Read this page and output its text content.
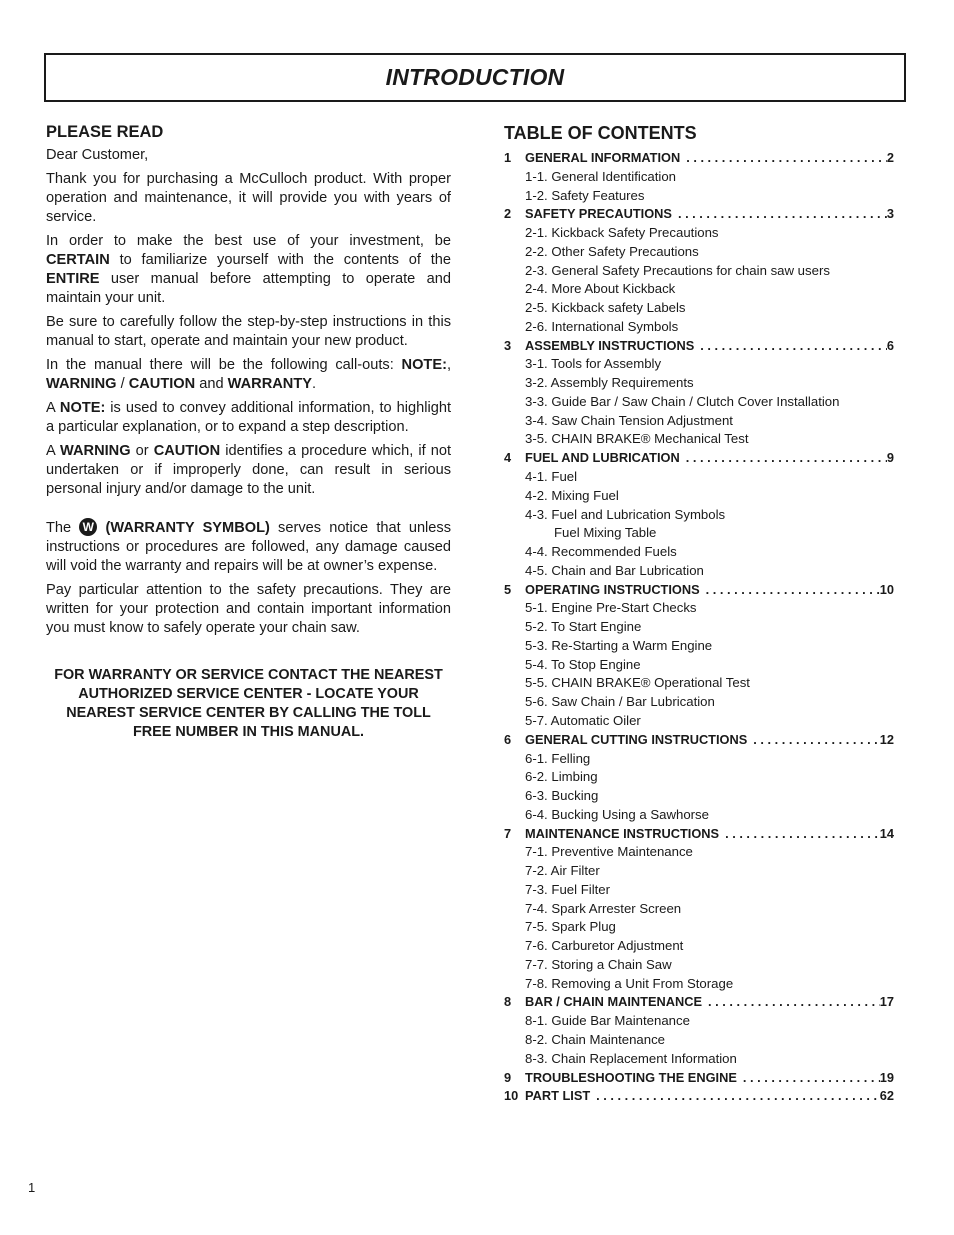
INTRODUCTION
PLEASE READ

Dear Customer,

Thank you for purchasing a McCulloch product. With proper operation and maintenance, it will provide you with years of service.

In order to make the best use of your investment, be CERTAIN to familiarize yourself with the contents of the ENTIRE user manual before attempting to operate and maintain your unit.

Be sure to carefully follow the step-by-step instructions in this manual to start, operate and maintain your new product.

In the manual there will be the following call-outs: NOTE:, WARNING / CAUTION and WARRANTY.

A NOTE: is used to convey additional information, to highlight a particular explanation, or to expand a step description.

A WARNING or CAUTION identifies a procedure which, if not undertaken or if improperly done, can result in serious personal injury and/or damage to the unit.

The W (WARRANTY SYMBOL) serves notice that unless instructions or procedures are followed, any damage caused will void the warranty and repairs will be at owner’s expense.

Pay particular attention to the safety precautions. They are written for your protection and contain important information you must know to safely operate your chain saw.

FOR WARRANTY OR SERVICE CONTACT THE NEAREST AUTHORIZED SERVICE CENTER - LOCATE YOUR NEAREST SERVICE CENTER BY CALLING THE TOLL FREE NUMBER IN THIS MANUAL.
TABLE OF CONTENTS
1 GENERAL INFORMATION . . .	2
1-1. General Identification
1-2. Safety Features
2 SAFETY PRECAUTIONS . . .	3
2-1. Kickback Safety Precautions
2-2. Other Safety Precautions
2-3. General Safety Precautions for chain saw users
2-4. More About Kickback
2-5. Kickback safety Labels
2-6. International Symbols
3 ASSEMBLY INSTRUCTIONS . . .	6
3-1. Tools for Assembly
3-2. Assembly Requirements
3-3. Guide Bar / Saw Chain / Clutch Cover Installation
3-4. Saw Chain Tension Adjustment
3-5. CHAIN BRAKE® Mechanical Test
4 FUEL AND LUBRICATION . . .	9
4-1. Fuel
4-2. Mixing Fuel
4-3. Fuel and Lubrication Symbols
Fuel Mixing Table
4-4. Recommended Fuels
4-5. Chain and Bar Lubrication
5 OPERATING INSTRUCTIONS . . .	10
5-1. Engine Pre-Start Checks
5-2. To Start Engine
5-3. Re-Starting a Warm Engine
5-4. To Stop Engine
5-5. CHAIN BRAKE® Operational Test
5-6. Saw Chain / Bar Lubrication
5-7. Automatic Oiler
6 GENERAL CUTTING INSTRUCTIONS . . .	12
6-1. Felling
6-2. Limbing
6-3. Bucking
6-4. Bucking Using a Sawhorse
7 MAINTENANCE INSTRUCTIONS . . .	14
7-1. Preventive Maintenance
7-2. Air Filter
7-3. Fuel Filter
7-4. Spark Arrester Screen
7-5. Spark Plug
7-6. Carburetor Adjustment
7-7. Storing a Chain Saw
7-8. Removing a Unit From Storage
8 BAR / CHAIN MAINTENANCE . . .	17
8-1. Guide Bar Maintenance
8-2. Chain Maintenance
8-3. Chain Replacement Information
9 TROUBLESHOOTING THE ENGINE . . .	19
10 PART LIST . . .	62
1
